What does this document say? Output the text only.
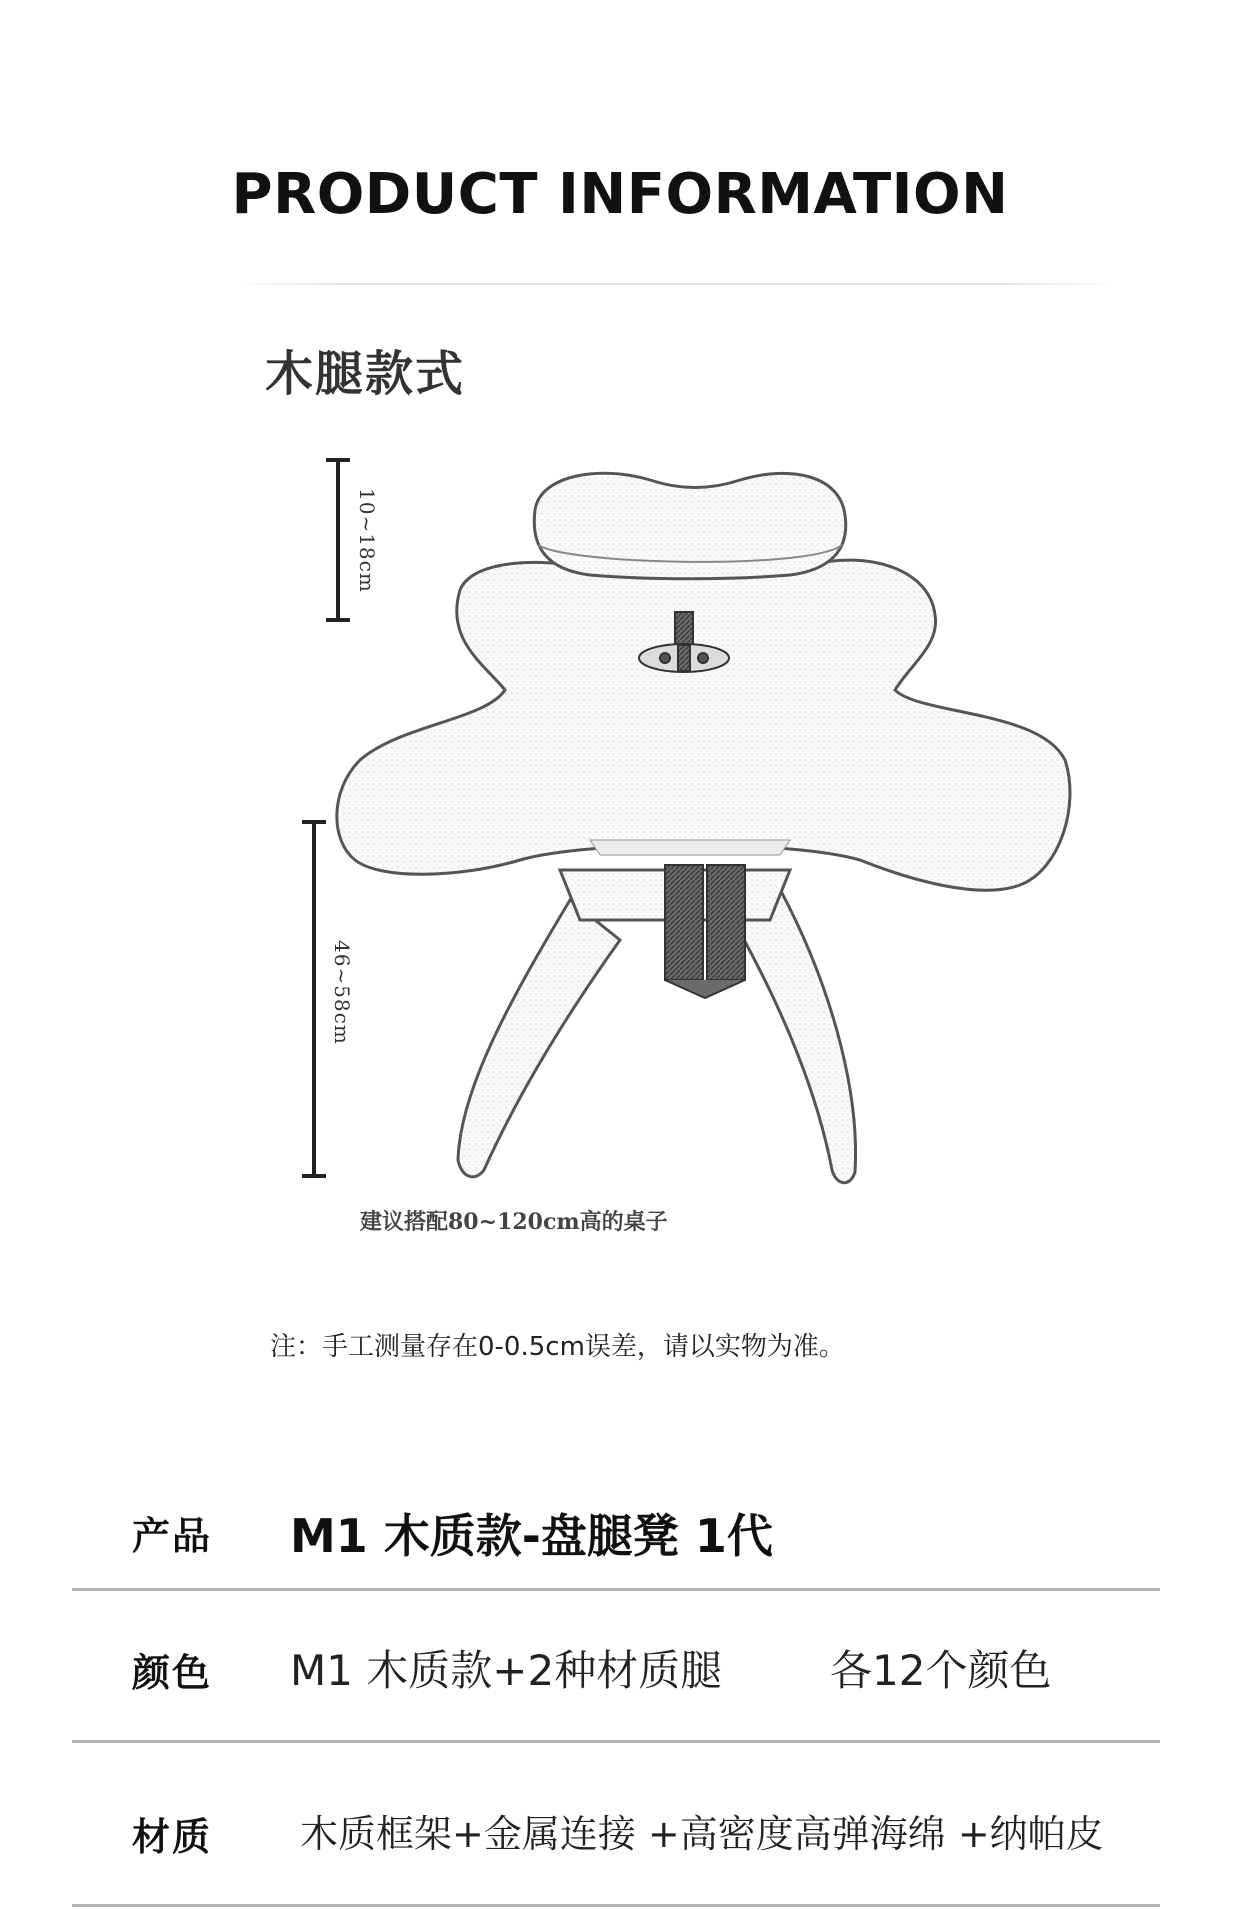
PRODUCT INFORMATION
木腿款式
10~18cm
46~58cm
建议搭配80~120cm高的桌子
注：手工测量存在0-0.5cm误差，请以实物为准。
产品 M1 木质款-盘腿凳 1代
颜色 M1 木质款+2种材质腿	各12个颜色
材质 木质框架+金属连接 +高密度高弹海绵 +纳帕皮
